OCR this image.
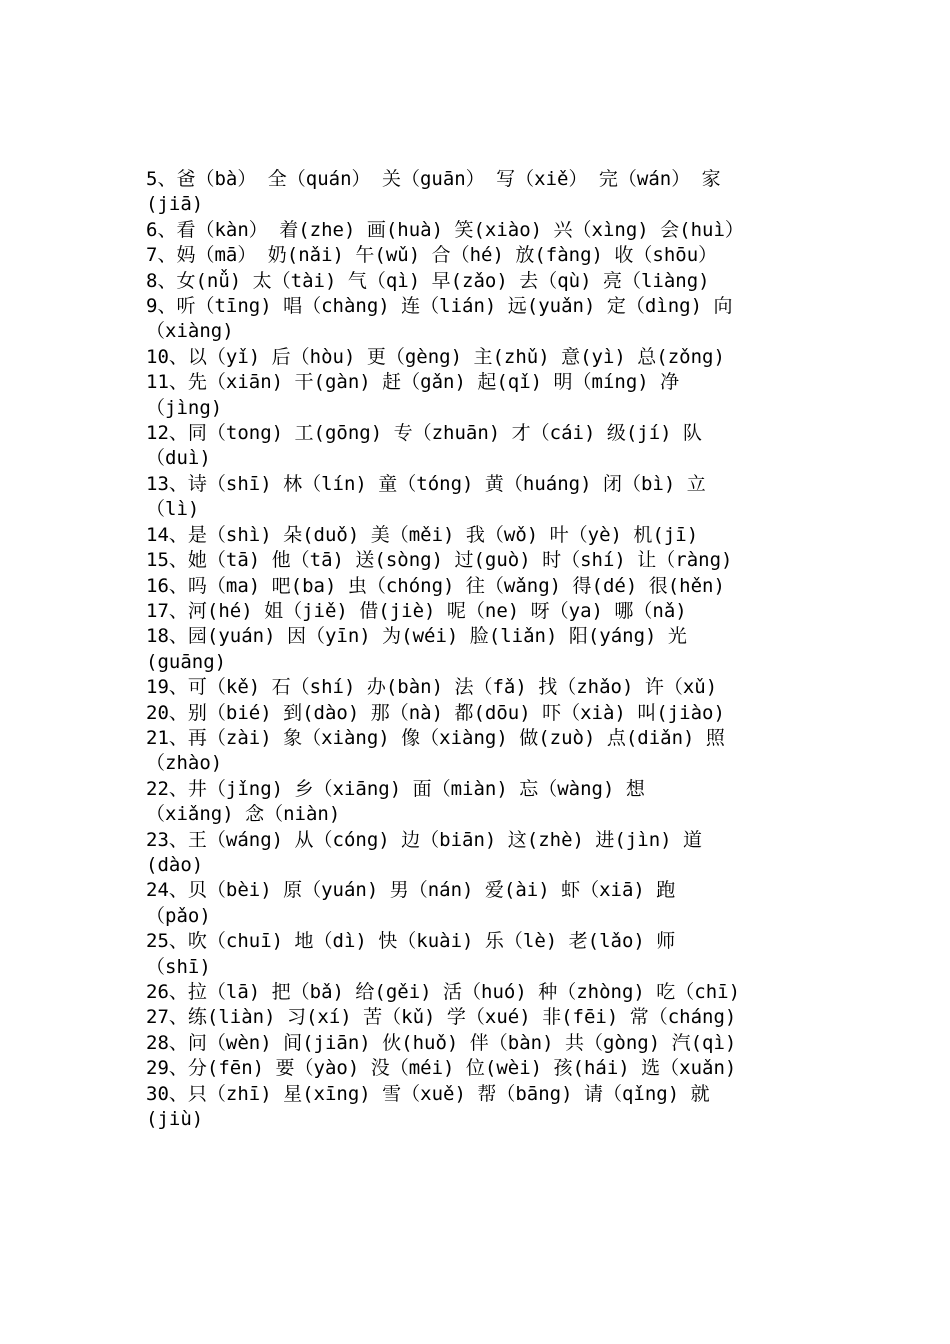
5、爸（bà） 全（quán） 关（guān） 写（xiě） 完（wán） 家
(jiā)
6、看（kàn） 着(zhe) 画(huà) 笑(xiào) 兴（xìng) 会(huì）
7、妈（mā） 奶(nǎi) 午(wǔ) 合（hé) 放(fàng) 收（shōu）
8、女(nǚ) 太（tài) 气（qì) 早(zǎo) 去（qù) 亮（liàng)
9、听（tīng) 唱（chàng) 连（lián) 远(yuǎn) 定（dìng) 向
（xiàng)
10、以（yǐ) 后（hòu) 更（gèng) 主(zhǔ) 意(yì) 总(zǒng)
11、先（xiān) 干(gàn) 赶（gǎn) 起(qǐ) 明（míng) 净
（jìng)
12、同（tong) 工(gōng) 专（zhuān) 才（cái) 级(jí) 队
（duì)
13、诗（shī) 林（lín) 童（tóng) 黄（huáng) 闭（bì) 立
（lì)
14、是（shì) 朵(duǒ) 美（měi) 我（wǒ) 叶（yè) 机(jī)
15、她（tā) 他（tā) 送(sòng) 过(guò) 时（shí) 让（ràng)
16、吗（ma) 吧(ba) 虫（chóng) 往（wǎng) 得(dé) 很(hěn)
17、河(hé) 姐（jiě) 借(jiè) 呢（ne) 呀（ya) 哪（nǎ)
18、园(yuán) 因（yīn) 为(wéi) 脸(liǎn) 阳(yáng) 光
(guāng)
19、可（kě) 石（shí) 办(bàn) 法（fǎ) 找（zhǎo) 许（xǔ)
20、别（bié) 到(dào) 那（nà) 都(dōu) 吓（xià) 叫(jiào)
21、再（zài) 象（xiàng) 像（xiàng) 做(zuò) 点(diǎn) 照
（zhào)
22、井（jǐng) 乡（xiāng) 面（miàn) 忘（wàng) 想
（xiǎng) 念（niàn)
23、王（wáng) 从（cóng) 边（biān) 这(zhè) 进(jìn) 道
(dào)
24、贝（bèi) 原（yuán) 男（nán) 爱(ài) 虾（xiā) 跑
（pǎo)
25、吹（chuī) 地（dì) 快（kuài) 乐（lè) 老(lǎo) 师
（shī)
26、拉（lā) 把（bǎ) 给(gěi) 活（huó) 种（zhòng) 吃（chī)
27、练(liàn) 习(xí) 苦（kǔ) 学（xué) 非(fēi) 常（cháng)
28、问（wèn) 间(jiān) 伙(huǒ) 伴（bàn) 共（gòng) 汽(qì)
29、分(fēn) 要（yào) 没（méi) 位(wèi) 孩(hái) 选（xuǎn)
30、只（zhī) 星(xīng) 雪（xuě) 帮（bāng) 请（qǐng) 就
(jiù)
